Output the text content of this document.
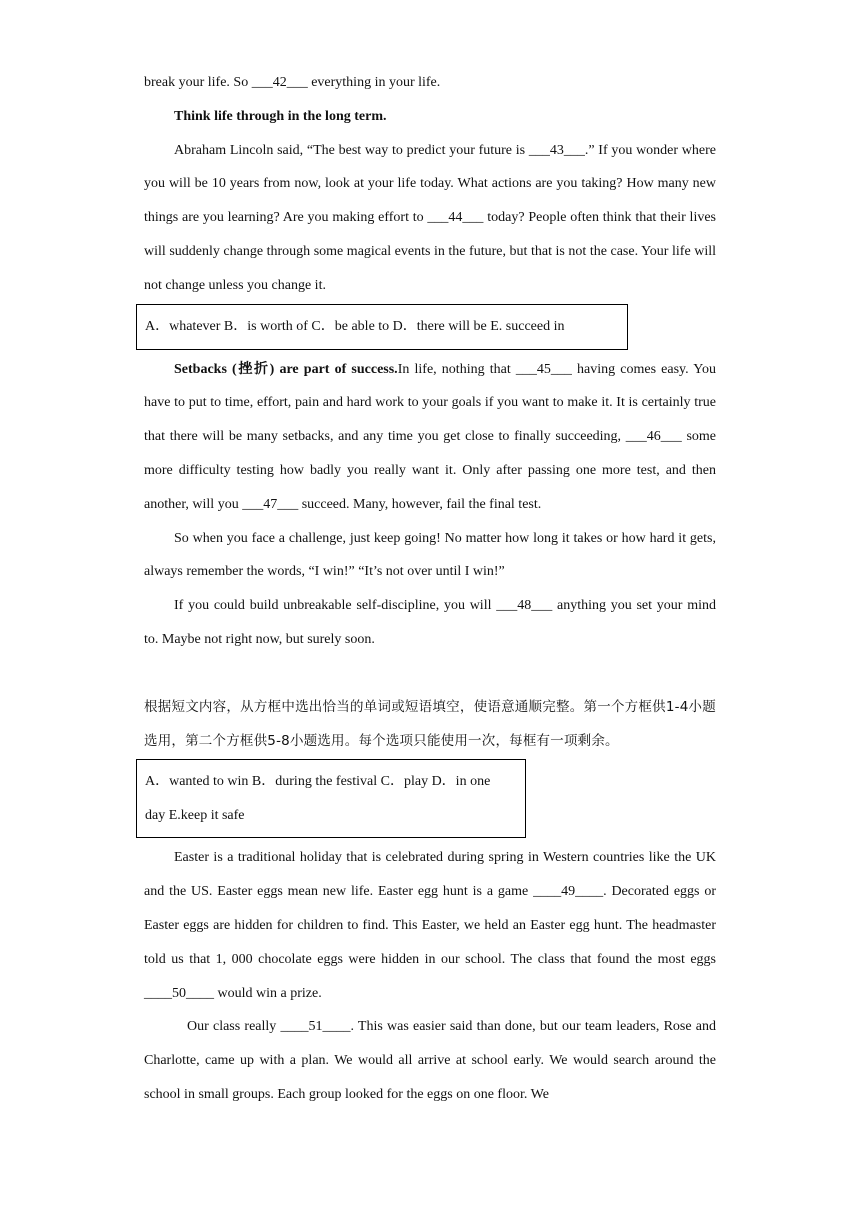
break your life. So ___42___ everything in your life.

Think life through in the long term.

Abraham Lincoln said, “The best way to predict your future is ___43___.” If you wonder where you will be 10 years from now, look at your life today. What actions are you taking? How many new things are you learning? Are you making effort to ___44___ today? People often think that their lives will suddenly change through some magical events in the future, but that is not the case. Your life will not change unless you change it.

A．whatever B．is worth of C．be able to D．there will be E. succeed in

Setbacks (挫折) are part of success.In life, nothing that ___45___ having comes easy. You have to put to time, effort, pain and hard work to your goals if you want to make it. It is certainly true that there will be many setbacks, and any time you get close to finally succeeding, ___46___ some more difficulty testing how badly you really want it. Only after passing one more test, and then another, will you ___47___ succeed. Many, however, fail the final test.

So when you face a challenge, just keep going! No matter how long it takes or how hard it gets, always remember the words, “I win!” “It’s not over until I win!”

If you could build unbreakable self-discipline, you will ___48___ anything you set your mind to. Maybe not right now, but surely soon.

根据短文内容，从方框中选出恰当的单词或短语填空，使语意通顺完整。第一个方框供1-4小题选用，第二个方框供5-8小题选用。每个选项只能使用一次，每框有一项剩余。

A．wanted to win B．during the festival C．play D．in one

day E.keep it safe

Easter is a traditional holiday that is celebrated during spring in Western countries like the UK and the US. Easter eggs mean new life. Easter egg hunt is a game ____49____. Decorated eggs or Easter eggs are hidden for children to find. This Easter, we held an Easter egg hunt. The headmaster told us that 1, 000 chocolate eggs were hidden in our school. The class that found the most eggs ____50____ would win a prize.

Our class really ____51____. This was easier said than done, but our team leaders, Rose and Charlotte, came up with a plan. We would all arrive at school early. We would search around the school in small groups. Each group looked for the eggs on one floor. We
